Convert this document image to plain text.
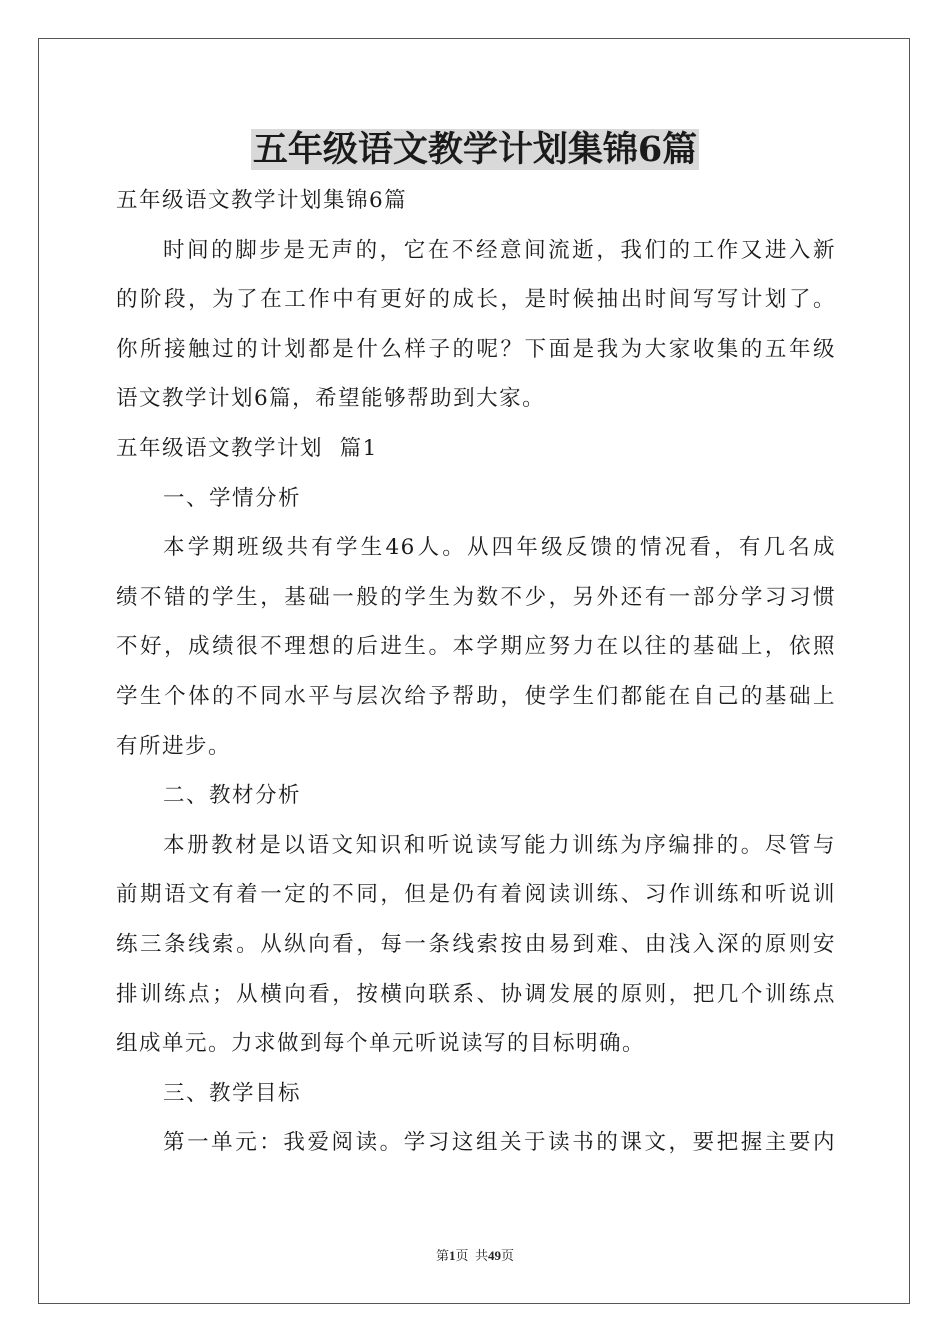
五年级语文教学计划集锦6篇

五年级语文教学计划集锦6篇

时间的脚步是无声的，它在不经意间流逝，我们的工作又进入新

的阶段，为了在工作中有更好的成长，是时候抽出时间写写计划了。

你所接触过的计划都是什么样子的呢？下面是我为大家收集的五年级

语文教学计划6篇，希望能够帮助到大家。

五年级语文教学计划  篇1

一、学情分析

本学期班级共有学生46人。从四年级反馈的情况看，有几名成

绩不错的学生，基础一般的学生为数不少，另外还有一部分学习习惯

不好，成绩很不理想的后进生。本学期应努力在以往的基础上，依照

学生个体的不同水平与层次给予帮助，使学生们都能在自己的基础上

有所进步。

二、教材分析

本册教材是以语文知识和听说读写能力训练为序编排的。尽管与

前期语文有着一定的不同，但是仍有着阅读训练、习作训练和听说训

练三条线索。从纵向看，每一条线索按由易到难、由浅入深的原则安

排训练点；从横向看，按横向联系、协调发展的原则，把几个训练点

组成单元。力求做到每个单元听说读写的目标明确。

三、教学目标

第一单元：我爱阅读。学习这组关于读书的课文，要把握主要内

第1页  共49页
